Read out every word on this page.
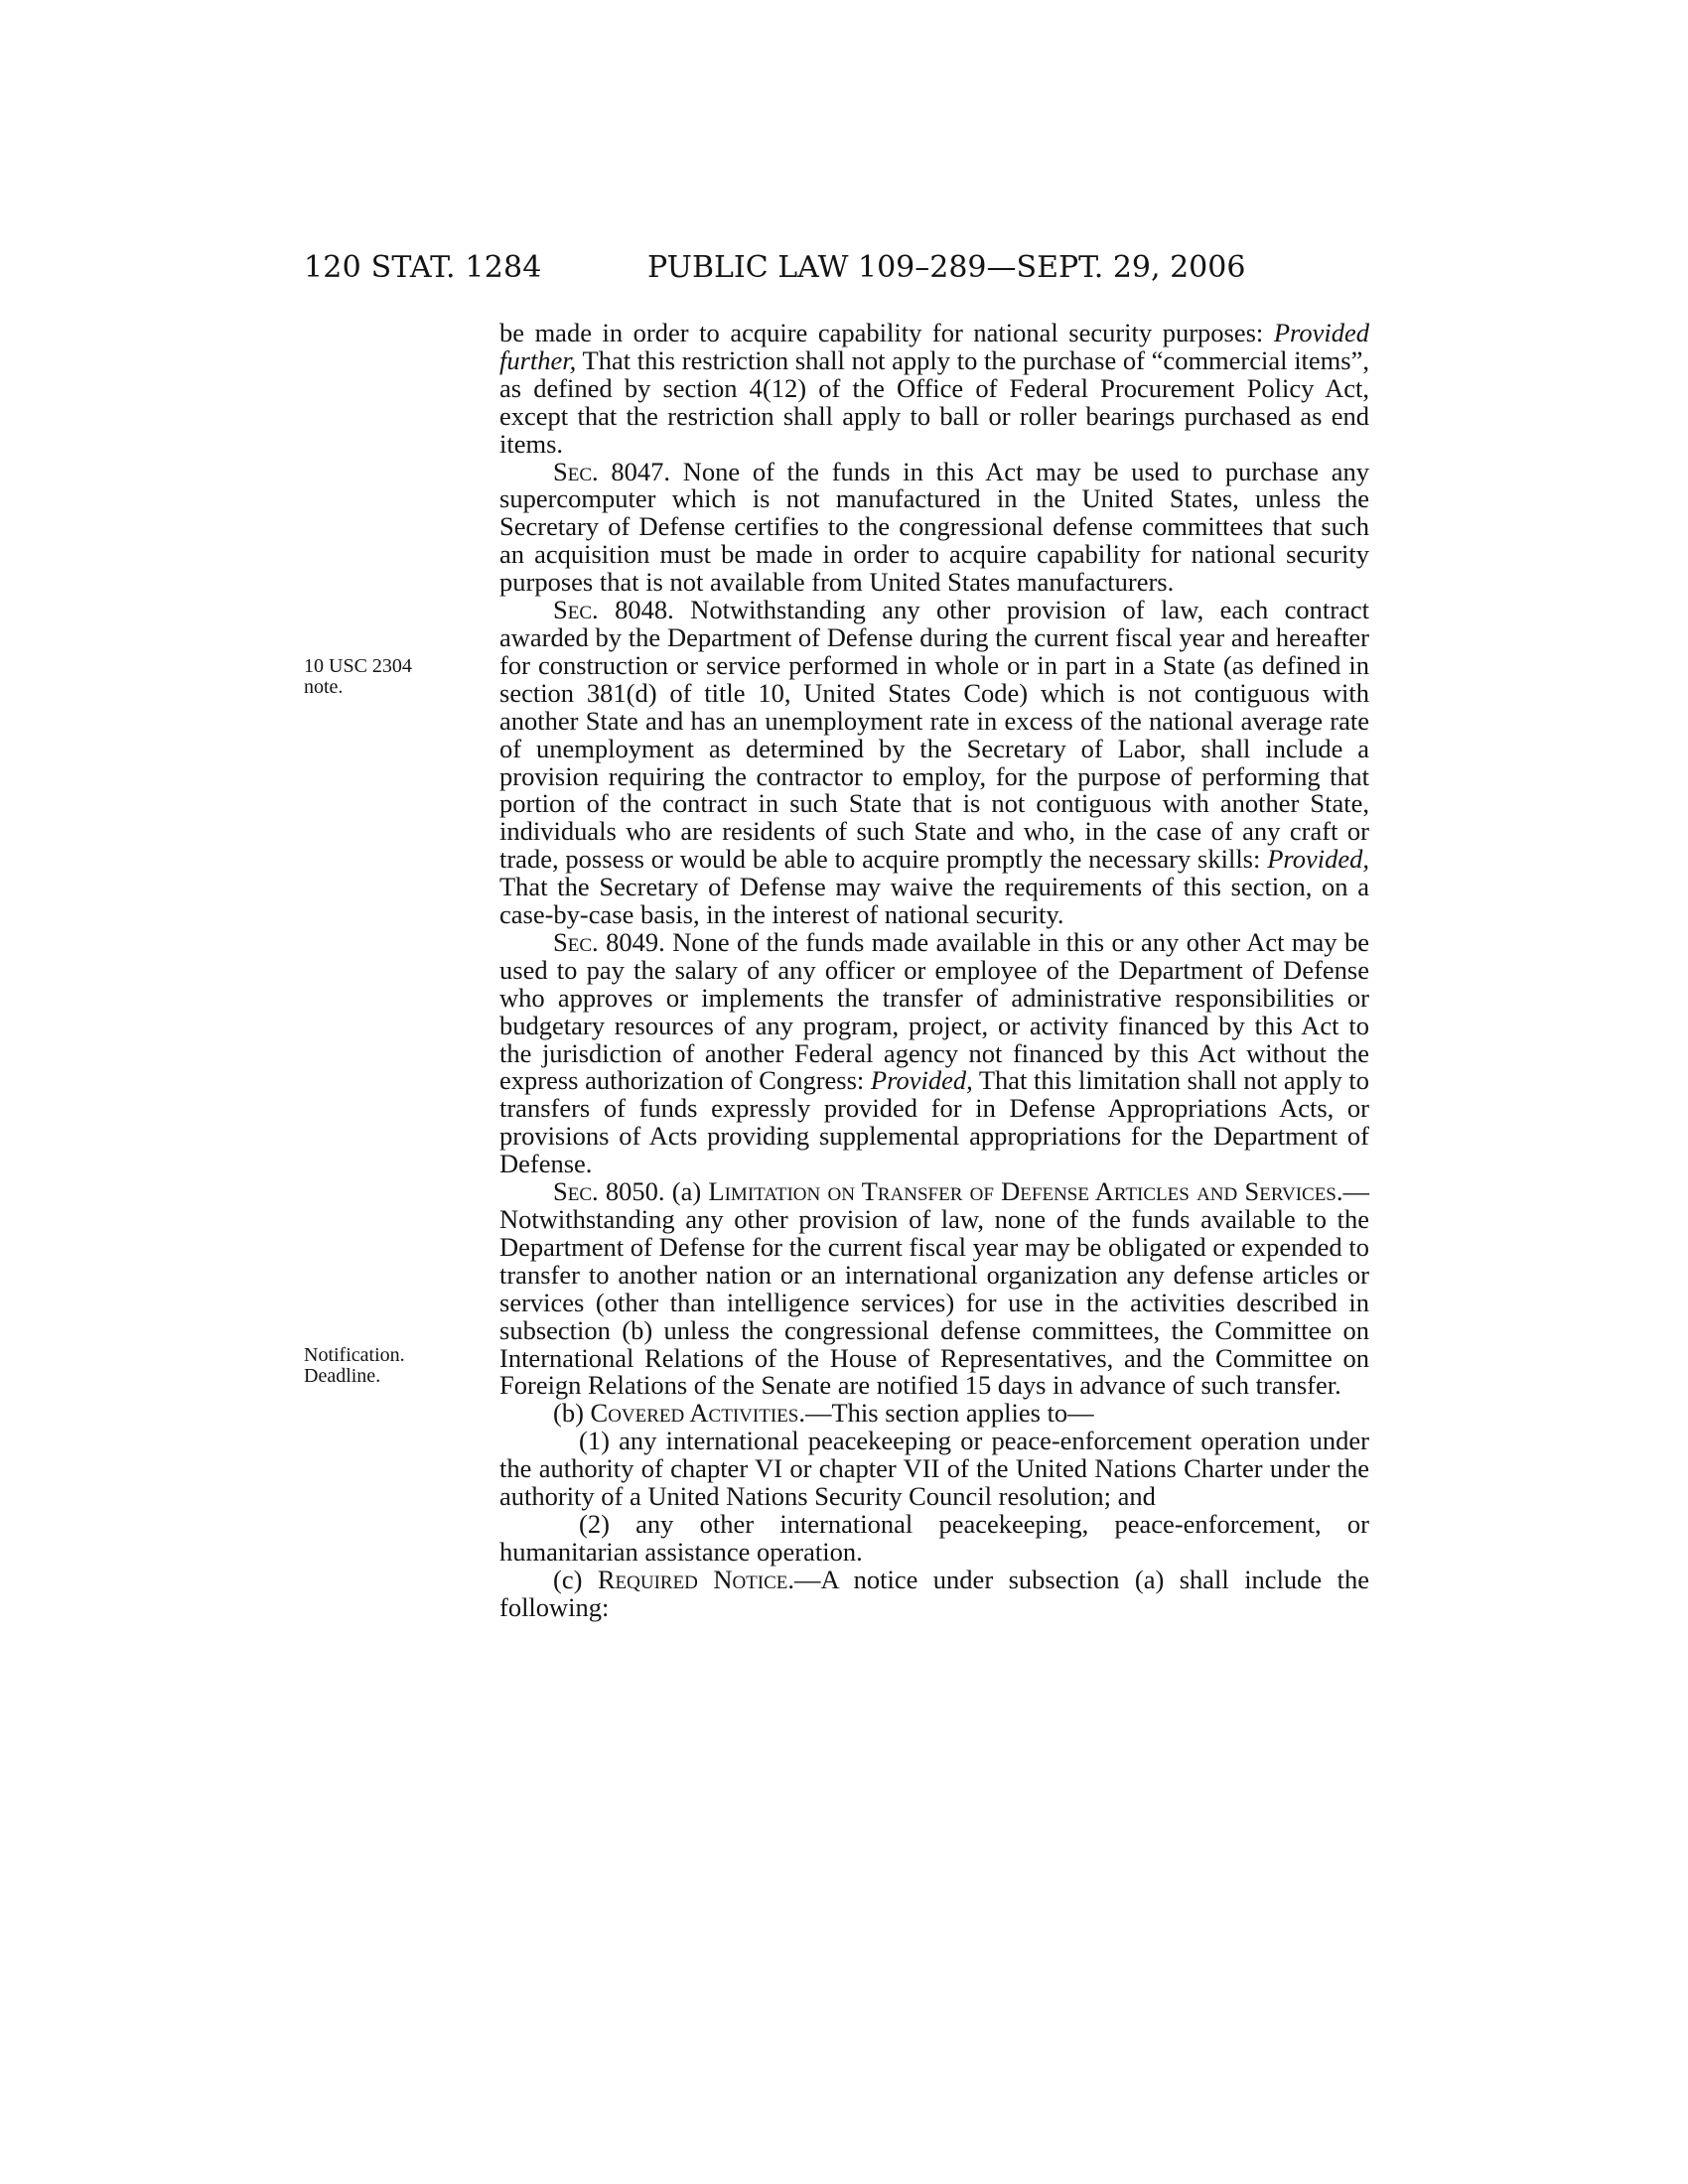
120 STAT. 1284	PUBLIC LAW 109–289—SEPT. 29, 2006
10 USC 2304
note.
Notification.
Deadline.

be made in order to acquire capability for national security purposes: Provided further, That this restriction shall not apply to the purchase of “commercial items”, as defined by section 4(12) of the Office of Federal Procurement Policy Act, except that the restriction shall apply to ball or roller bearings purchased as end items.

Sec. 8047. None of the funds in this Act may be used to purchase any supercomputer which is not manufactured in the United States, unless the Secretary of Defense certifies to the congressional defense committees that such an acquisition must be made in order to acquire capability for national security purposes that is not available from United States manufacturers.

Sec. 8048. Notwithstanding any other provision of law, each contract awarded by the Department of Defense during the current fiscal year and hereafter for construction or service performed in whole or in part in a State (as defined in section 381(d) of title 10, United States Code) which is not contiguous with another State and has an unemployment rate in excess of the national average rate of unemployment as determined by the Secretary of Labor, shall include a provision requiring the contractor to employ, for the purpose of performing that portion of the contract in such State that is not contiguous with another State, individuals who are residents of such State and who, in the case of any craft or trade, possess or would be able to acquire promptly the necessary skills: Provided, That the Secretary of Defense may waive the requirements of this section, on a case-by-case basis, in the interest of national security.

Sec. 8049. None of the funds made available in this or any other Act may be used to pay the salary of any officer or employee of the Department of Defense who approves or implements the transfer of administrative responsibilities or budgetary resources of any program, project, or activity financed by this Act to the jurisdiction of another Federal agency not financed by this Act without the express authorization of Congress: Provided, That this limitation shall not apply to transfers of funds expressly provided for in Defense Appropriations Acts, or provisions of Acts providing supplemental appropriations for the Department of Defense.

Sec. 8050. (a) Limitation on Transfer of Defense Articles and Services.—Notwithstanding any other provision of law, none of the funds available to the Department of Defense for the current fiscal year may be obligated or expended to transfer to another nation or an international organization any defense articles or services (other than intelligence services) for use in the activities described in subsection (b) unless the congressional defense committees, the Committee on International Relations of the House of Representatives, and the Committee on Foreign Relations of the Senate are notified 15 days in advance of such transfer.

(b) Covered Activities.—This section applies to—

(1) any international peacekeeping or peace-enforcement operation under the authority of chapter VI or chapter VII of the United Nations Charter under the authority of a United Nations Security Council resolution; and

(2) any other international peacekeeping, peace-enforcement, or humanitarian assistance operation.

(c) Required Notice.—A notice under subsection (a) shall include the following:
